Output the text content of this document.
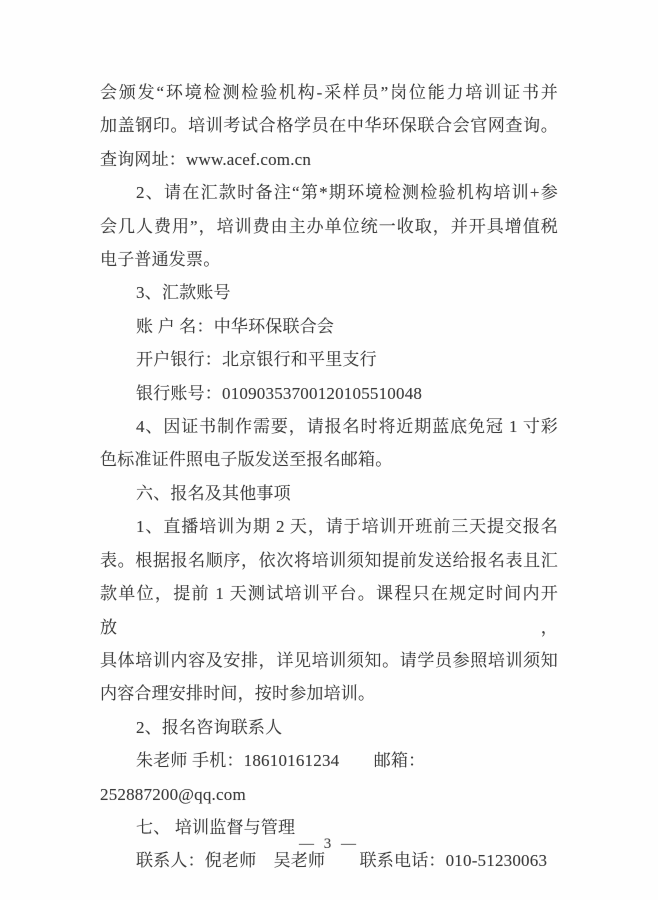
会颁发“环境检测检验机构-采样员”岗位能力培训证书并
加盖钢印。培训考试合格学员在中华环保联合会官网查询。
查询网址：www.acef.com.cn
2、请在汇款时备注“第*期环境检测检验机构培训+参
会几人费用”，培训费由主办单位统一收取，并开具增值税
电子普通发票。
3、汇款账号
账 户 名：中华环保联合会
开户银行：北京银行和平里支行
银行账号：01090353700120105510048
4、因证书制作需要，请报名时将近期蓝底免冠 1 寸彩
色标准证件照电子版发送至报名邮箱。
六、报名及其他事项
1、直播培训为期 2 天，请于培训开班前三天提交报名
表。根据报名顺序，依次将培训须知提前发送给报名表且汇
款单位，提前 1 天测试培训平台。课程只在规定时间内开放，
具体培训内容及安排，详见培训须知。请学员参照培训须知
内容合理安排时间，按时参加培训。
2、报名咨询联系人
朱老师 手机：18610161234　　邮箱：252887200@qq.com
七、 培训监督与管理
联系人：倪老师　吴老师　　联系电话：010-51230063
— 3 —
